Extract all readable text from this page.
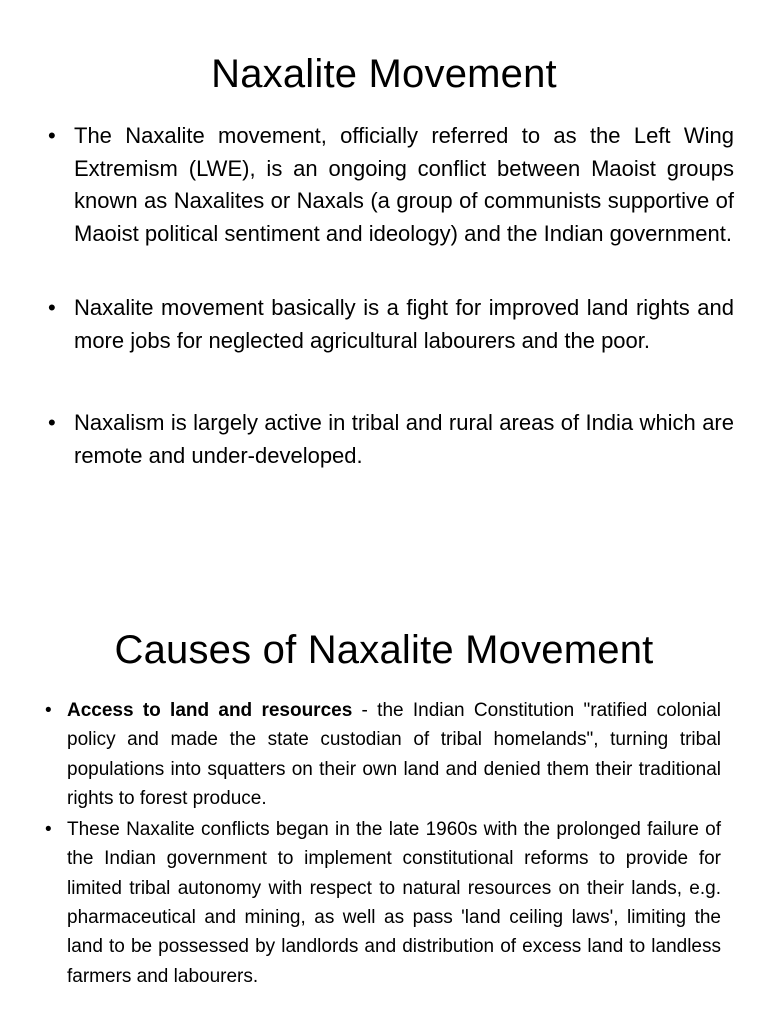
Naxalite Movement
• The Naxalite movement, officially referred to as the Left Wing Extremism (LWE), is an ongoing conflict between Maoist groups known as Naxalites or Naxals (a group of communists supportive of Maoist political sentiment and ideology) and the Indian government.
• Naxalite movement basically is a fight for improved land rights and more jobs for neglected agricultural labourers and the poor.
• Naxalism is largely active in tribal and rural areas of India which are remote and under-developed.
Causes of Naxalite Movement
• Access to land and resources - the Indian Constitution "ratified colonial policy and made the state custodian of tribal homelands", turning tribal populations into squatters on their own land and denied them their traditional rights to forest produce.
• These Naxalite conflicts began in the late 1960s with the prolonged failure of the Indian government to implement constitutional reforms to provide for limited tribal autonomy with respect to natural resources on their lands, e.g. pharmaceutical and mining, as well as pass 'land ceiling laws', limiting the land to be possessed by landlords and distribution of excess land to landless farmers and labourers.
